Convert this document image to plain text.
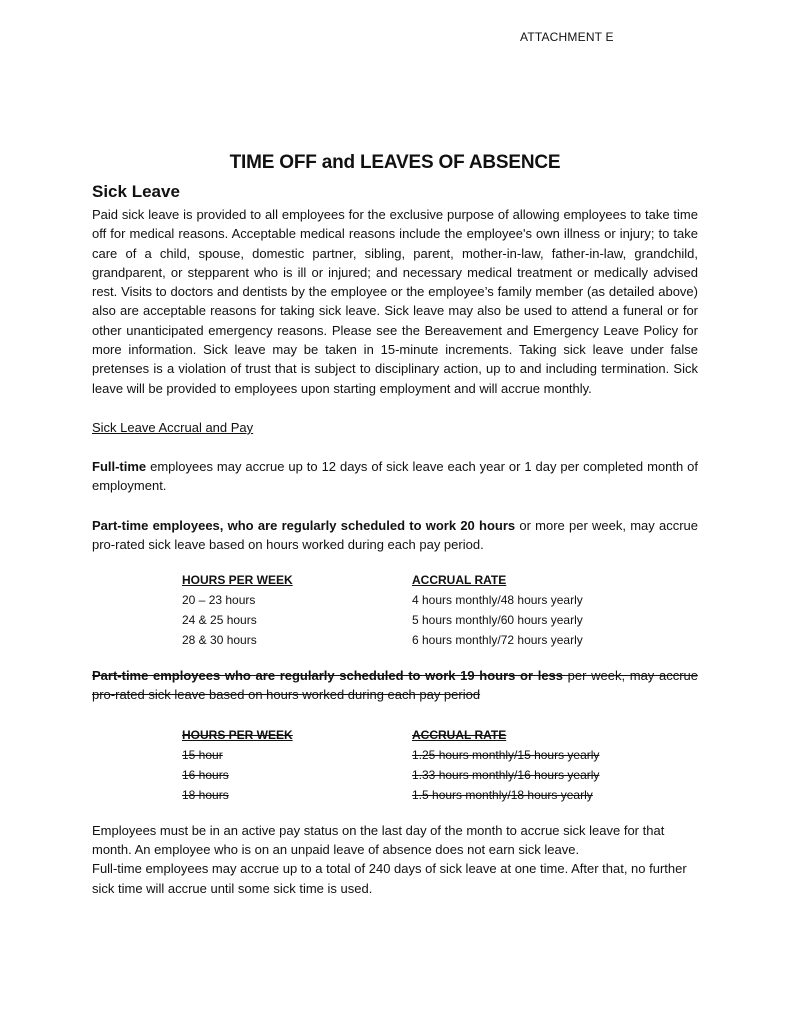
ATTACHMENT E
TIME OFF and LEAVES OF ABSENCE
Sick Leave

Paid sick leave is provided to all employees for the exclusive purpose of allowing employees to take time off for medical reasons. Acceptable medical reasons include the employee's own illness or injury; to take care of a child, spouse, domestic partner, sibling, parent, mother-in-law, father-in-law, grandchild, grandparent, or stepparent who is ill or injured; and necessary medical treatment or medically advised rest. Visits to doctors and dentists by the employee or the employee’s family member (as detailed above) also are acceptable reasons for taking sick leave. Sick leave may also be used to attend a funeral or for other unanticipated emergency reasons. Please see the Bereavement and Emergency Leave Policy for more information. Sick leave may be taken in 15-minute increments. Taking sick leave under false pretenses is a violation of trust that is subject to disciplinary action, up to and including termination. Sick leave will be provided to employees upon starting employment and will accrue monthly.

Sick Leave Accrual and Pay

Full-time employees may accrue up to 12 days of sick leave each year or 1 day per completed month of employment.

Part-time employees, who are regularly scheduled to work 20 hours or more per week, may accrue pro-rated sick leave based on hours worked during each pay period.

HOURS PER WEEK	ACCRUAL RATE
20 – 23 hours	4 hours monthly/48 hours yearly
24 & 25 hours	5 hours monthly/60 hours yearly
28 & 30 hours	6 hours monthly/72 hours yearly

Part-time employees who are regularly scheduled to work 19 hours or less per week, may accrue pro-rated sick leave based on hours worked during each pay period

HOURS PER WEEK	ACCRUAL RATE
15 hour	1.25 hours monthly/15 hours yearly
16 hours	1.33 hours monthly/16 hours yearly
18 hours	1.5 hours monthly/18 hours yearly

Employees must be in an active pay status on the last day of the month to accrue sick leave for that month. An employee who is on an unpaid leave of absence does not earn sick leave.

Full-time employees may accrue up to a total of 240 days of sick leave at one time. After that, no further sick time will accrue until some sick time is used.
